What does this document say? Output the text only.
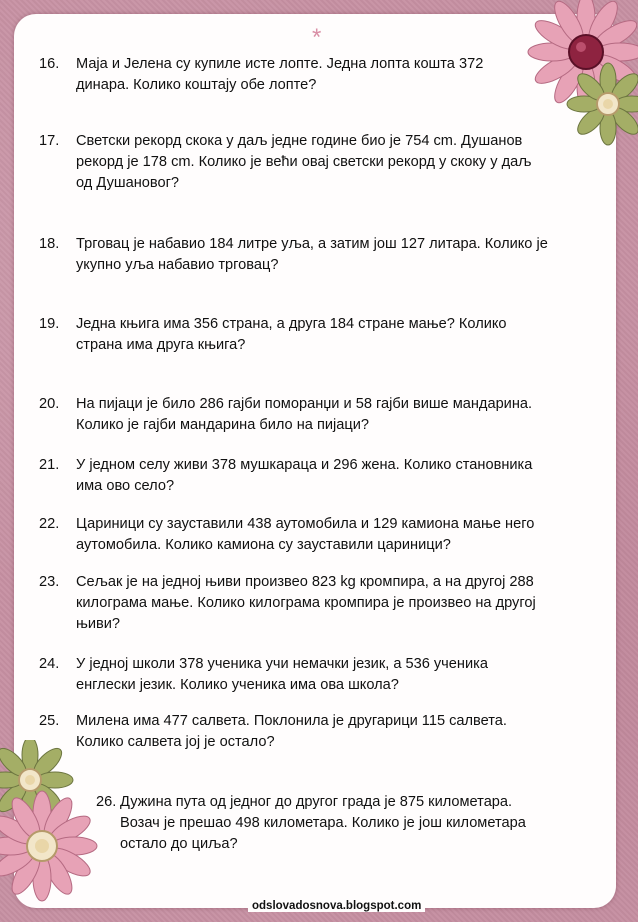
*
16.	Маја и Јелена су купиле исте лопте. Једна лопта кошта 372
динара. Колико коштају обе лопте?
17.	Светски рекорд скока у даљ једне године био је 754 cm. Душанов
рекорд је 178 cm. Колико је већи овај светски рекорд у скоку у даљ
од Душановог?
18.	Трговац је набавио 184 литре уља, а затим још 127 литара. Колико је
укупно уља набавио трговац?
19.	Једна књига има 356 страна, а друга 184 стране мање? Колико
страна има друга књига?
20.	На пијаци је било 286 гајби поморанџи и 58 гајби више мандарина.
Колико је гајби мандарина било на пијаци?
21.	У једном селу живи 378 мушкараца и 296 жена. Колико становника
има ово село?
22.	Цариници су зауставили 438 аутомобила и 129 камиона мање него
аутомобила. Колико камиона су зауставили цариници?
23.	Сељак је на једној њиви произвео 823 kg кромпира, а на другој 288
килограма мање. Колико килограма кромпира је произвео на другој
њиви?
24.	У једној школи 378 ученика учи немачки језик, а 536 ученика
енглески језик. Колико ученика има ова школа?
25.	Милена има 477 салвета. Поклонила је другарици 115 салвета.
Колико салвета јој је остало?
26. Дужина пута од једног до другог града је 875 километара.
Возач је прешао 498 километара. Колико је још километара
остало до циља?
odslovadosnova.blogspot.com
